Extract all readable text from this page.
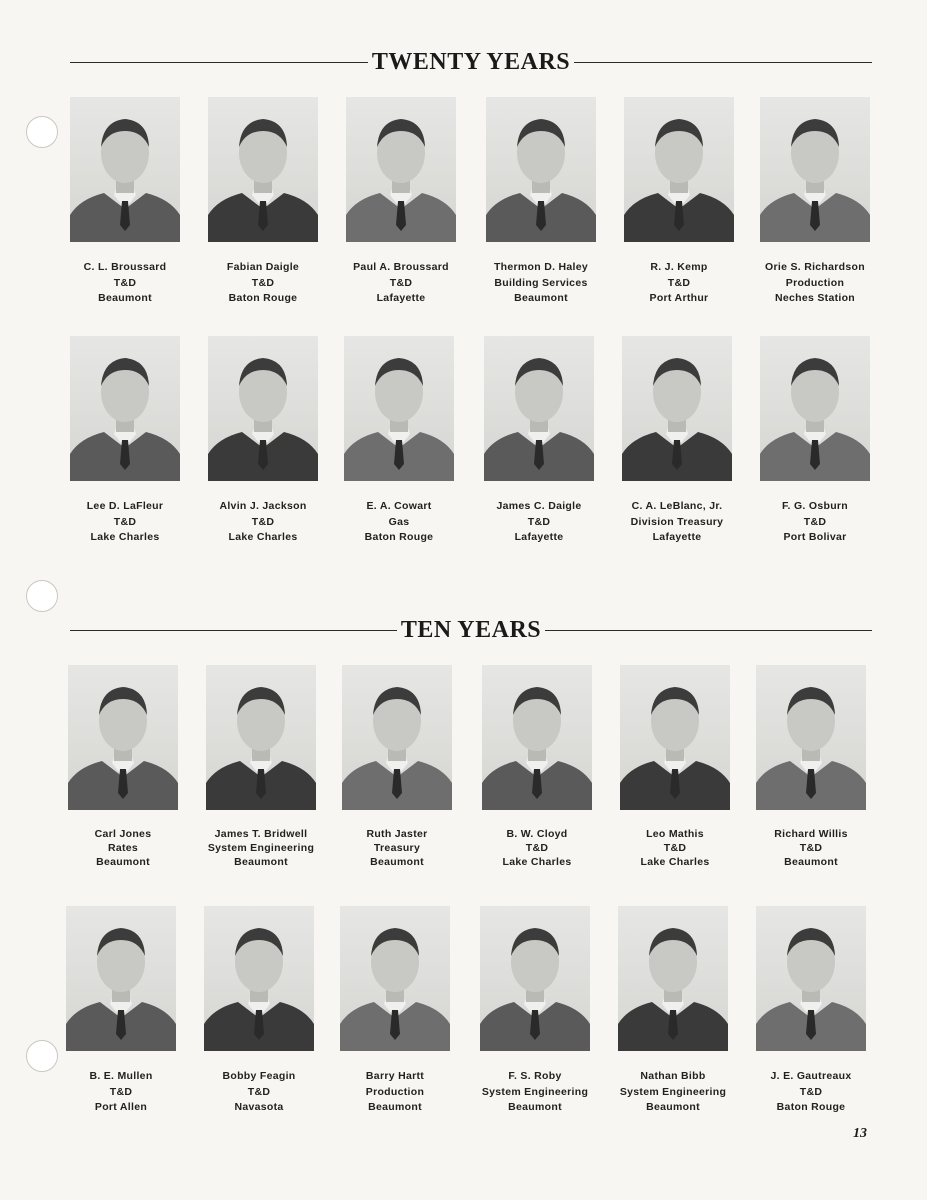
TWENTY YEARS
TEN YEARS
C. L. Broussard
T&D
Beaumont
Fabian Daigle
T&D
Baton Rouge
Paul A. Broussard
T&D
Lafayette
Thermon D. Haley
Building Services
Beaumont
R. J. Kemp
T&D
Port Arthur
Orie S. Richardson
Production
Neches Station
Lee D. LaFleur
T&D
Lake Charles
Alvin J. Jackson
T&D
Lake Charles
E. A. Cowart
Gas
Baton Rouge
James C. Daigle
T&D
Lafayette
C. A. LeBlanc, Jr.
Division Treasury
Lafayette
F. G. Osburn
T&D
Port Bolivar
Carl Jones
Rates
Beaumont
James T. Bridwell
System Engineering
Beaumont
Ruth Jaster
Treasury
Beaumont
B. W. Cloyd
T&D
Lake Charles
Leo Mathis
T&D
Lake Charles
Richard Willis
T&D
Beaumont
B. E. Mullen
T&D
Port Allen
Bobby Feagin
T&D
Navasota
Barry Hartt
Production
Beaumont
F. S. Roby
System Engineering
Beaumont
Nathan Bibb
System Engineering
Beaumont
J. E. Gautreaux
T&D
Baton Rouge
13
